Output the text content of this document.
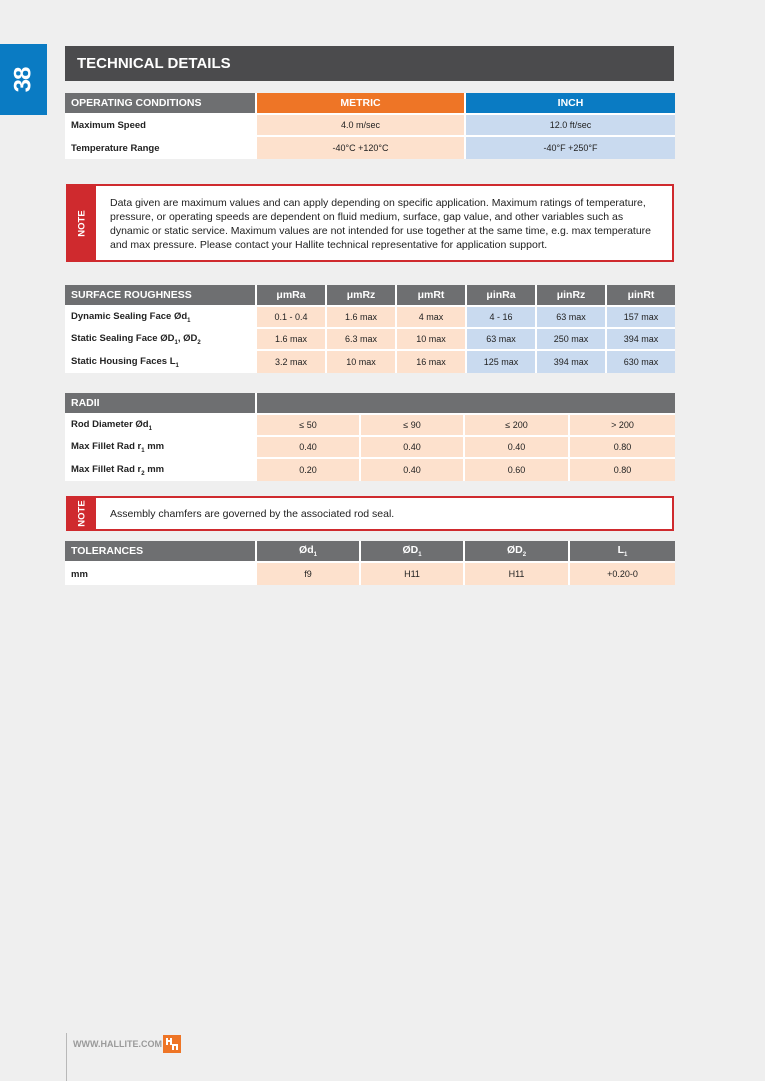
38
TECHNICAL DETAILS
OPERATING CONDITIONS	METRIC	INCH
Maximum Speed	4.0 m/sec	12.0 ft/sec
Temperature Range	-40°C +120°C	-40°F +250°F
NOTE
Data given are maximum values and can apply depending on specific application. Maximum ratings of temperature, pressure, or operating speeds are dependent on fluid medium, surface, gap value, and other variables such as dynamic or static service. Maximum values are not intended for use together at the same time, e.g. max temperature and max pressure. Please contact your Hallite technical representative for application support.
SURFACE ROUGHNESS	μmRa	μmRz	μmRt	μinRa	μinRz	μinRt
Dynamic Sealing Face $Ød_1$	0.1 - 0.4	1.6 max	4 max	4 - 16	63 max	157 max
Static Sealing Face $ØD_1$, $ØD_2$	1.6 max	6.3 max	10 max	63 max	250 max	394 max
Static Housing Faces $L_1$	3.2 max	10 max	16 max	125 max	394 max	630 max
RADII				
Rod Diameter $Ød_1$	≤ 50	≤ 90	≤ 200	> 200
Max Fillet Rad $r_1$ mm	0.40	0.40	0.40	0.80
Max Fillet Rad $r_2$ mm	0.20	0.40	0.60	0.80
NOTE	Assembly chamfers are governed by the associated rod seal.
TOLERANCES	$Ød_1$	$ØD_1$	$ØD_2$	$L_1$
mm	f9	H11	H11	+0.20-0
WWW.HALLITE.COM
